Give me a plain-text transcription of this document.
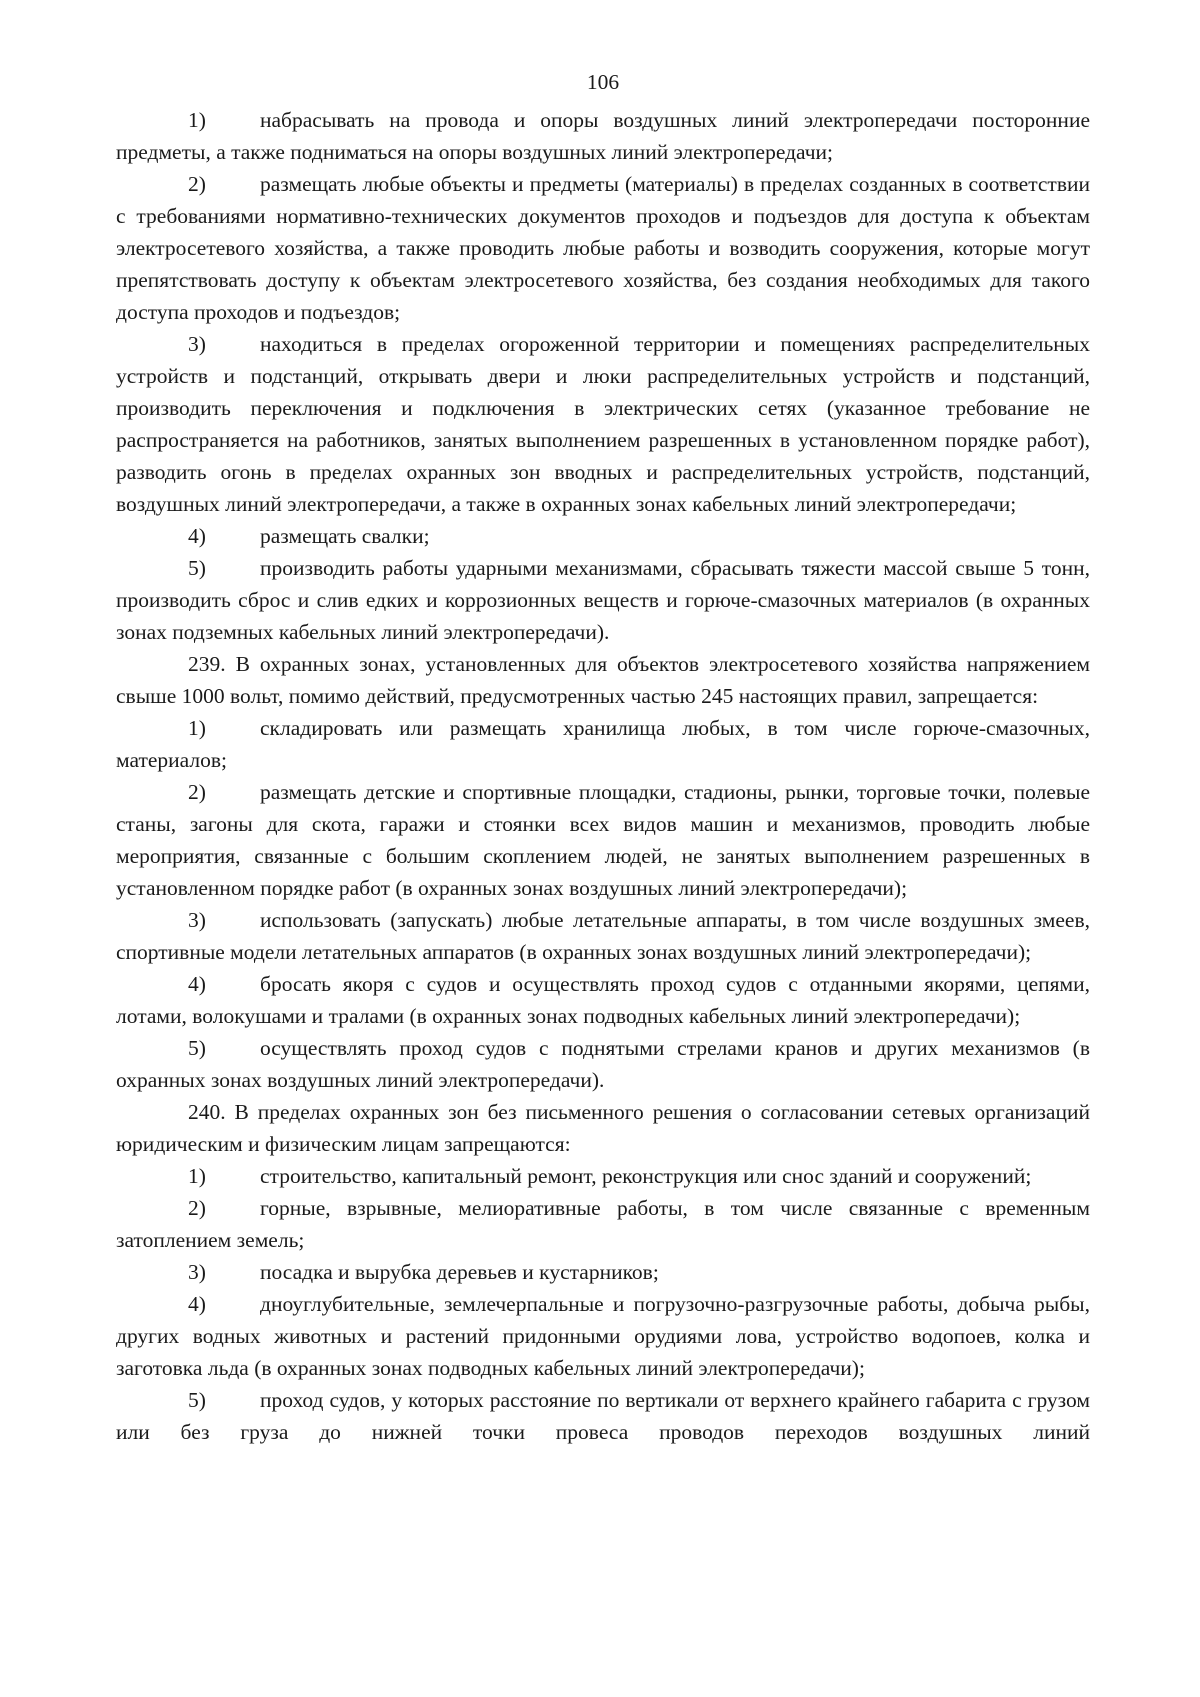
106

1)	набрасывать на провода и опоры воздушных линий электропередачи посторонние предметы, а также подниматься на опоры воздушных линий электропередачи;

2)	размещать любые объекты и предметы (материалы) в пределах созданных в соответствии с требованиями нормативно-технических документов проходов и подъездов для доступа к объектам электросетевого хозяйства, а также проводить любые работы и возводить сооружения, которые могут препятствовать доступу к объектам электросетевого хозяйства, без создания необходимых для такого доступа проходов и подъездов;

3)	находиться в пределах огороженной территории и помещениях распределительных устройств и подстанций, открывать двери и люки распределительных устройств и подстанций, производить переключения и подключения в электрических сетях (указанное требование не распространяется на работников, занятых выполнением разрешенных в установленном порядке работ), разводить огонь в пределах охранных зон вводных и распределительных устройств, подстанций, воздушных линий электропередачи, а также в охранных зонах кабельных линий электропередачи;

4)	размещать свалки;

5)	производить работы ударными механизмами, сбрасывать тяжести массой свыше 5 тонн, производить сброс и слив едких и коррозионных веществ и горюче-смазочных материалов (в охранных зонах подземных кабельных линий электропередачи).

239. В охранных зонах, установленных для объектов электросетевого хозяйства напряжением свыше 1000 вольт, помимо действий, предусмотренных частью 245 настоящих правил, запрещается:

1)	складировать или размещать хранилища любых, в том числе горюче-смазочных, материалов;

2)	размещать детские и спортивные площадки, стадионы, рынки, торговые точки, полевые станы, загоны для скота, гаражи и стоянки всех видов машин и механизмов, проводить любые мероприятия, связанные с большим скоплением людей, не занятых выполнением разрешенных в установленном порядке работ (в охранных зонах воздушных линий электропередачи);

3)	использовать (запускать) любые летательные аппараты, в том числе воздушных змеев, спортивные модели летательных аппаратов (в охранных зонах воздушных линий электропередачи);

4)	бросать якоря с судов и осуществлять проход судов с отданными якорями, цепями, лотами, волокушами и тралами (в охранных зонах подводных кабельных линий электропередачи);

5)	осуществлять проход судов с поднятыми стрелами кранов и других механизмов (в охранных зонах воздушных линий электропередачи).

240. В пределах охранных зон без письменного решения о согласовании сетевых организаций юридическим и физическим лицам запрещаются:

1)	строительство, капитальный ремонт, реконструкция или снос зданий и сооружений;

2)	горные, взрывные, мелиоративные работы, в том числе связанные с временным затоплением земель;

3)	посадка и вырубка деревьев и кустарников;

4)	дноуглубительные, землечерпальные и погрузочно-разгрузочные работы, добыча рыбы, других водных животных и растений придонными орудиями лова, устройство водопоев, колка и заготовка льда (в охранных зонах подводных кабельных линий электропередачи);

5)	проход судов, у которых расстояние по вертикали от верхнего крайнего габарита с грузом или без груза до нижней точки провеса проводов переходов воздушных линий
